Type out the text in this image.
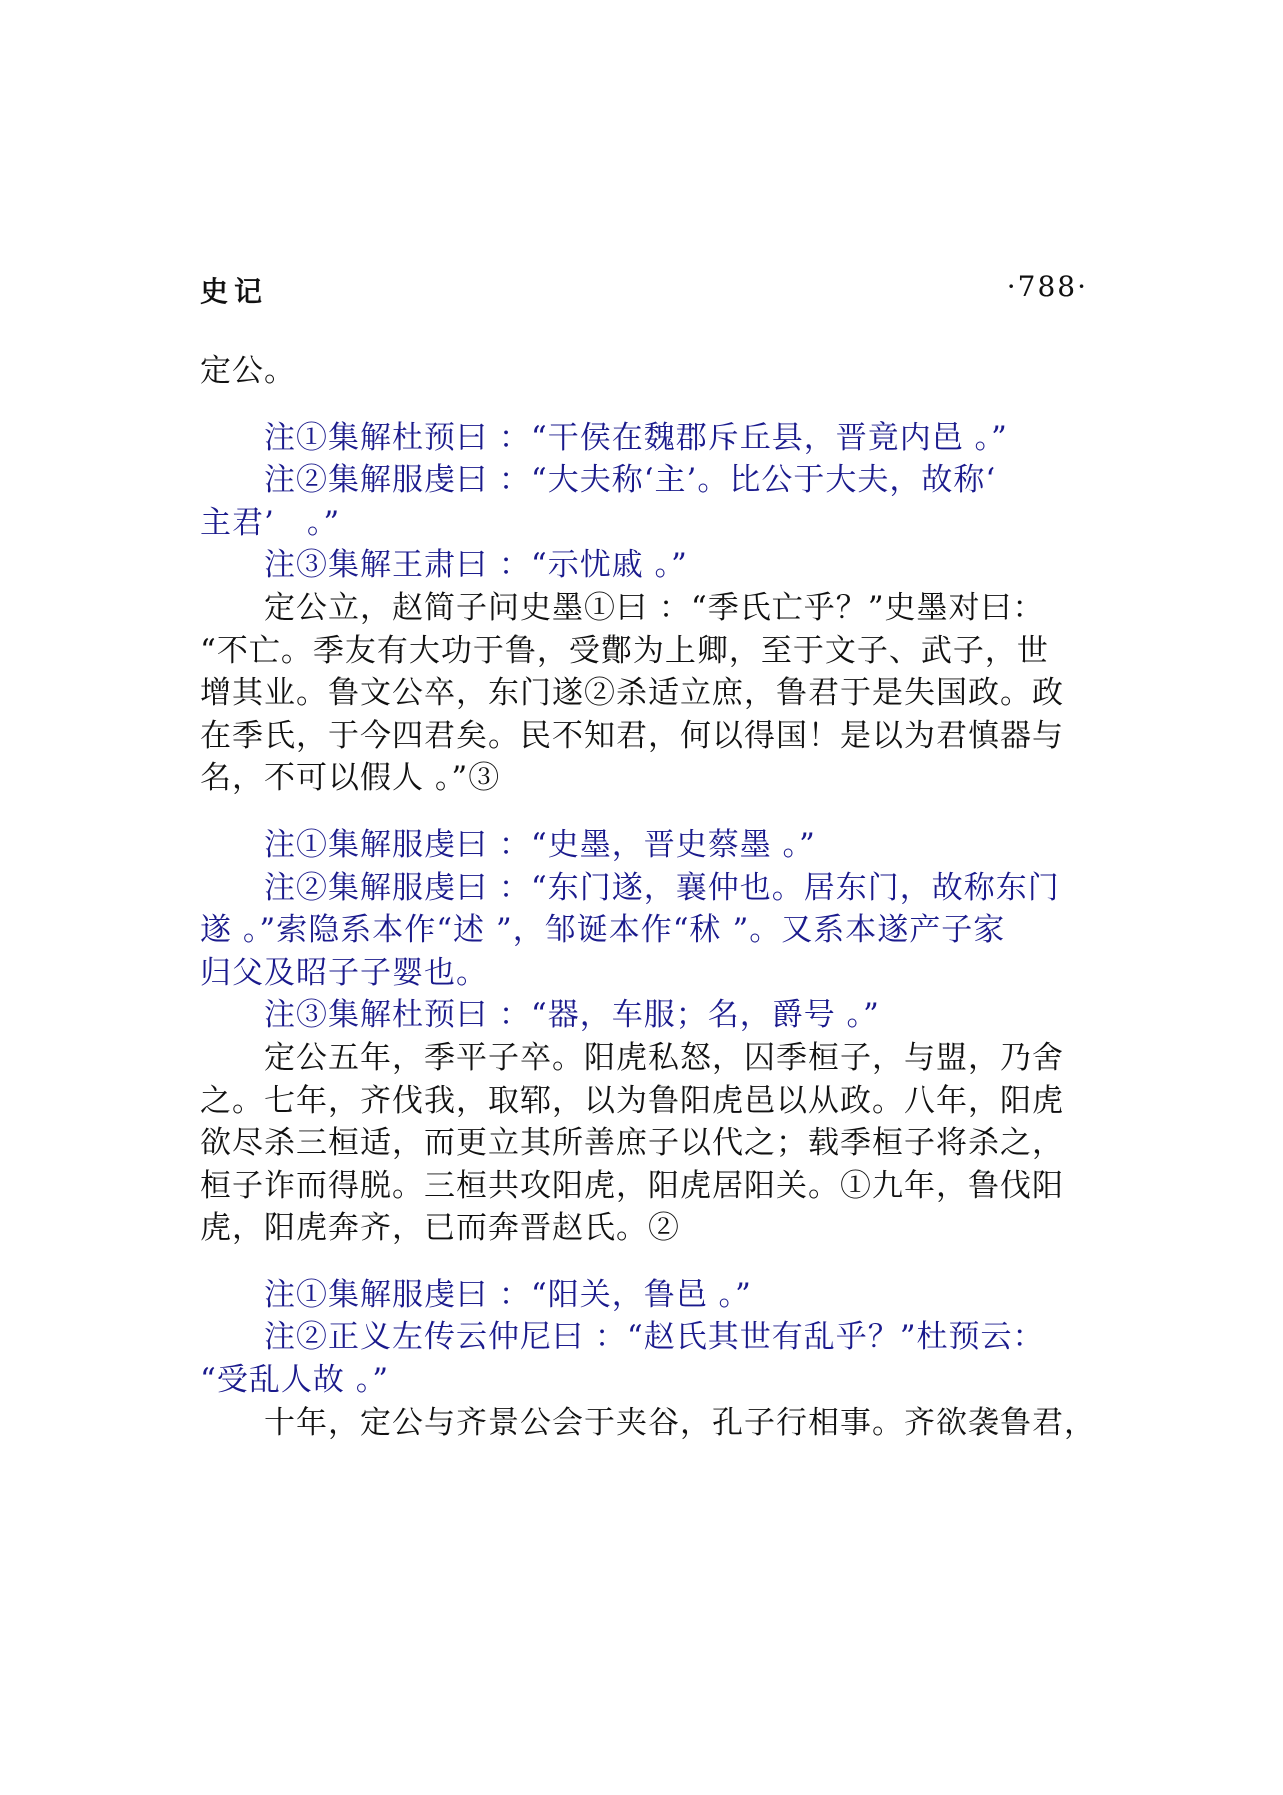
史记	·788·
定公。
注①集解杜预曰 ：“干侯在魏郡斥丘县，晋竟内邑 。”
注②集解服虔曰 ：“大夫称‘主’。比公于大夫，故称‘
主君’　。”
注③集解王肃曰 ：“示忧戚 。”
定公立，赵简子问史墨①曰 ：“季氏亡乎？”史墨对曰：
“不亡。季友有大功于鲁，受鄪为上卿，至于文子、武子，世
增其业。鲁文公卒，东门遂②杀适立庶，鲁君于是失国政。政
在季氏，于今四君矣。民不知君，何以得国！是以为君慎器与
名，不可以假人 。”③
注①集解服虔曰 ：“史墨，晋史蔡墨 。”
注②集解服虔曰 ：“东门遂，襄仲也。居东门，故称东门
遂 。”索隐系本作“述 ”，邹诞本作“秫 ”。又系本遂产子家
归父及昭子子婴也。
注③集解杜预曰 ：“器，车服；名，爵号 。”
定公五年，季平子卒。阳虎私怒，囚季桓子，与盟，乃舍
之。七年，齐伐我，取郓，以为鲁阳虎邑以从政。八年，阳虎
欲尽杀三桓适，而更立其所善庶子以代之；载季桓子将杀之，
桓子诈而得脱。三桓共攻阳虎，阳虎居阳关。①九年，鲁伐阳
虎，阳虎奔齐，已而奔晋赵氏。②
注①集解服虔曰 ：“阳关，鲁邑 。”
注②正义左传云仲尼曰 ：“赵氏其世有乱乎？”杜预云：
“受乱人故 。”
十年，定公与齐景公会于夹谷，孔子行相事。齐欲袭鲁君，
